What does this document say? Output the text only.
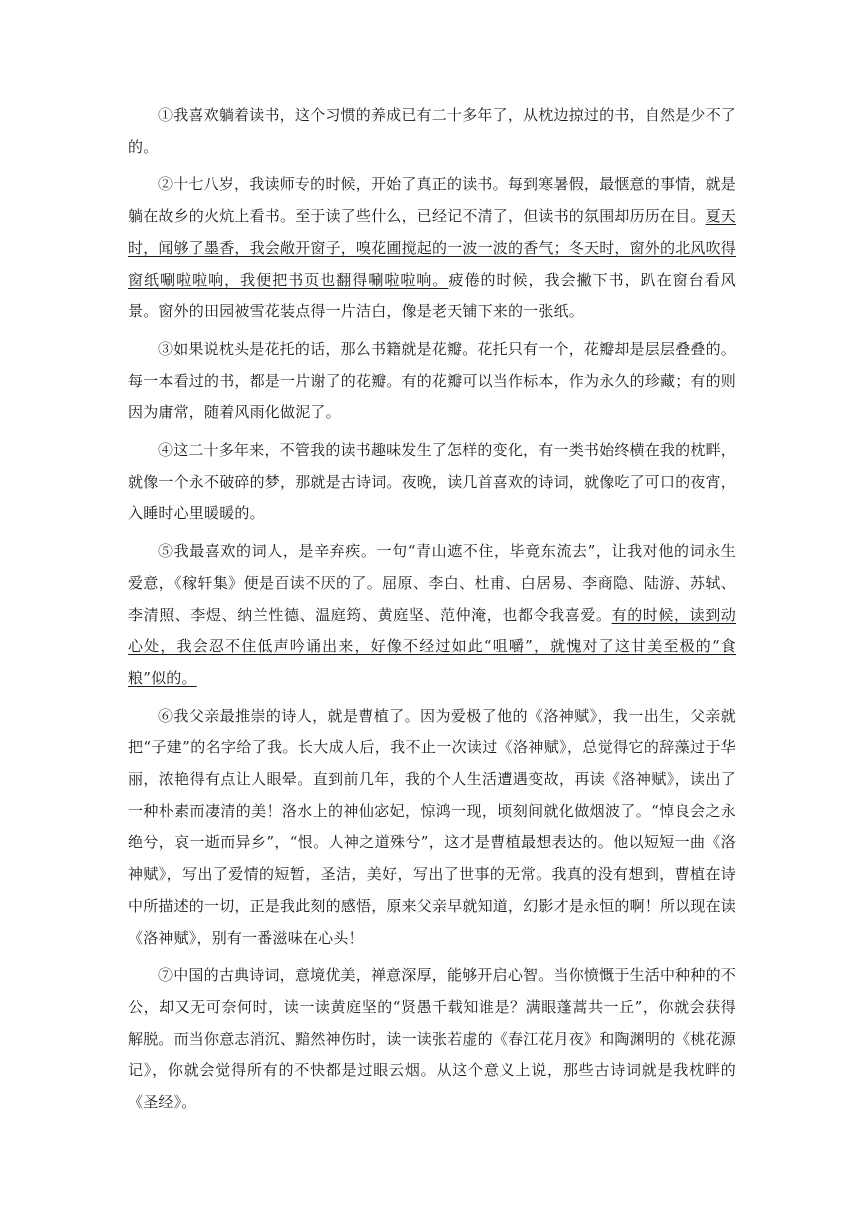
①我喜欢躺着读书，这个习惯的养成已有二十多年了，从枕边掠过的书，自然是少不了的。

②十七八岁，我读师专的时候，开始了真正的读书。每到寒暑假，最惬意的事情，就是躺在故乡的火炕上看书。至于读了些什么，已经记不清了，但读书的氛围却历历在目。夏天时，闻够了墨香，我会敞开窗子，嗅花圃搅起的一波一波的香气；冬天时，窗外的北风吹得窗纸唰啦啦响，我便把书页也翻得唰啦啦响。疲倦的时候，我会撇下书，趴在窗台看风景。窗外的田园被雪花装点得一片洁白，像是老天铺下来的一张纸。

③如果说枕头是花托的话，那么书籍就是花瓣。花托只有一个，花瓣却是层层叠叠的。每一本看过的书，都是一片谢了的花瓣。有的花瓣可以当作标本，作为永久的珍藏；有的则因为庸常，随着风雨化做泥了。

④这二十多年来，不管我的读书趣味发生了怎样的变化，有一类书始终横在我的枕畔，就像一个永不破碎的梦，那就是古诗词。夜晚，读几首喜欢的诗词，就像吃了可口的夜宵，入睡时心里暖暖的。

⑤我最喜欢的词人，是辛弃疾。一句“青山遮不住，毕竟东流去”，让我对他的词永生爱意，《稼轩集》便是百读不厌的了。屈原、李白、杜甫、白居易、李商隐、陆游、苏轼、李清照、李煜、纳兰性德、温庭筠、黄庭坚、范仲淹，也都令我喜爱。有的时候，读到动心处，我会忍不住低声吟诵出来，好像不经过如此“咀嚼”，就愧对了这甘美至极的“食粮”似的。

⑥我父亲最推崇的诗人，就是曹植了。因为爱极了他的《洛神赋》，我一出生，父亲就把“子建”的名字给了我。长大成人后，我不止一次读过《洛神赋》，总觉得它的辞藻过于华丽，浓艳得有点让人眼晕。直到前几年，我的个人生活遭遇变故，再读《洛神赋》，读出了一种朴素而凄清的美！洛水上的神仙宓妃，惊鸿一现，顷刻间就化做烟波了。“悼良会之永绝兮，哀一逝而异乡”，“恨。人神之道殊兮”，这才是曹植最想表达的。他以短短一曲《洛神赋》，写出了爱情的短暂，圣洁，美好，写出了世事的无常。我真的没有想到，曹植在诗中所描述的一切，正是我此刻的感悟，原来父亲早就知道，幻影才是永恒的啊！所以现在读《洛神赋》，别有一番滋味在心头！

⑦中国的古典诗词，意境优美，禅意深厚，能够开启心智。当你愤慨于生活中种种的不公，却又无可奈何时，读一读黄庭坚的“贤愚千载知谁是？满眼蓬蒿共一丘”，你就会获得解脱。而当你意志消沉、黯然神伤时，读一读张若虚的《春江花月夜》和陶渊明的《桃花源记》，你就会觉得所有的不快都是过眼云烟。从这个意义上说，那些古诗词就是我枕畔的《圣经》。
